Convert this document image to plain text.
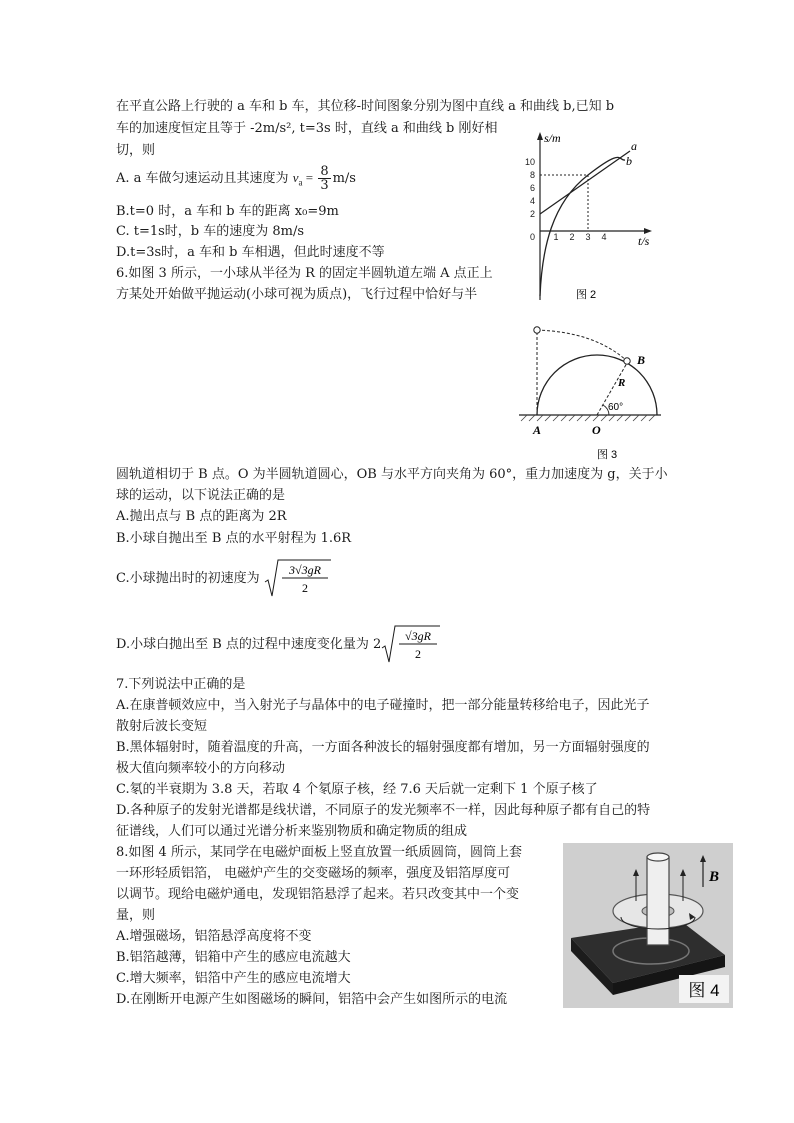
在平直公路上行驶的 a 车和 b 车，其位移-时间图象分别为图中直线 a 和曲线 b,已知 b
车的加速度恒定且等于 -2m/s², t=3s 时，直线 a 和曲线 b 刚好相
切，则
A. a 车做匀速运动且其速度为 $v_a = \frac{8}{3} m/s$
B.t=0 时，a 车和 b 车的距离 x₀=9m
C. t=1s时，b 车的速度为 8m/s
D.t=3s时，a 车和 b 车相遇，但此时速度不等
6.如图 3 所示，一小球从半径为 R 的固定半圆轨道左端 A 点正上
方某处开始做平抛运动(小球可视为质点)，飞行过程中恰好与半
圆轨道相切于 B 点。O 为半圆轨道圆心，OB 与水平方向夹角为 60°，重力加速度为 g，关于小
球的运动，以下说法正确的是
A.抛出点与 B 点的距离为 2R
B.小球自抛出至 B 点的水平射程为 1.6R
C.小球抛出时的初速度为
3√3gR
2
D.小球白抛出至 B 点的过程中速度变化量为 2
√3gR
2
7.下列说法中正确的是
A.在康普顿效应中，当入射光子与晶体中的电子碰撞时，把一部分能量转移给电子，因此光子
散射后波长变短
B.黑体辐射时，随着温度的升高，一方面各种波长的辐射强度都有增加，另一方面辐射强度的
极大值向频率较小的方向移动
C.氡的半衰期为 3.8 天，若取 4 个氡原子核，经 7.6 天后就一定剩下 1 个原子核了
D.各种原子的发射光谱都是线状谱，不同原子的发光频率不一样，因此每种原子都有自己的特
征谱线，人们可以通过光谱分析来鉴别物质和确定物质的组成
8.如图 4 所示，某同学在电磁炉面板上竖直放置一纸质圆筒，圆筒上套
一环形轻质铝箔， 电磁炉产生的交变磁场的频率，强度及铝箔厚度可
以调节。现给电磁炉通电，发现铝箔悬浮了起来。若只改变其中一个变
量，则
A.增强磁场，铝箔悬浮高度将不变
B.铝箔越薄，铝箱中产生的感应电流越大
C.增大频率，铝箔中产生的感应电流增大
D.在刚断开电源产生如图磁场的瞬间，铝箔中会产生如图所示的电流
s/m
t/s
10
8
6
4
2
0 1 2 3 4
a
b
图 2
B
R
60°
A	O
图 3
B
图 4
